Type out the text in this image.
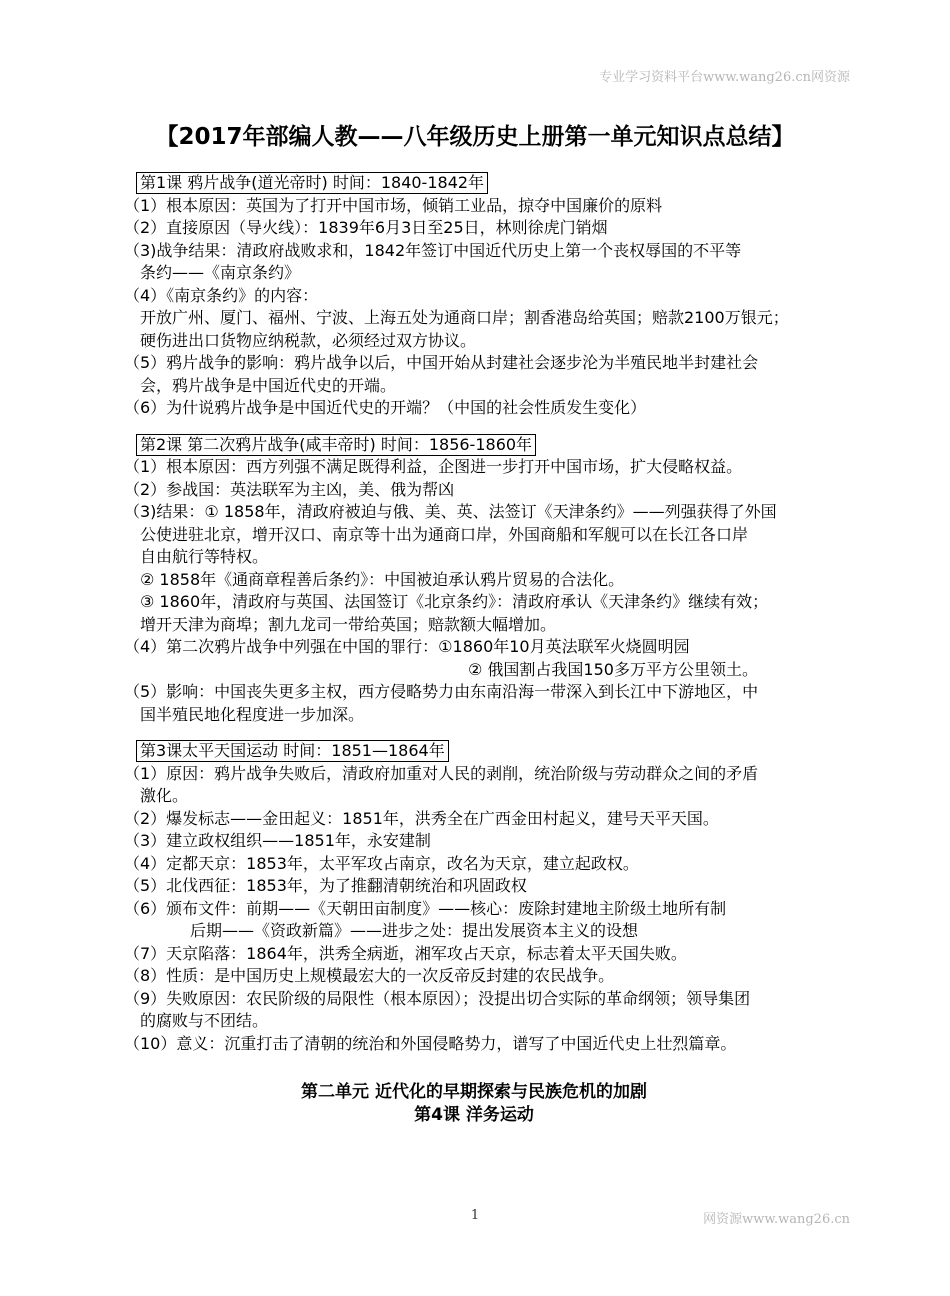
专业学习资料平台www.wang26.cn网资源
【2017年部编人教——八年级历史上册第一单元知识点总结】
第1课 鸦片战争(道光帝时) 时间：1840-1842年
（1）根本原因：英国为了打开中国市场，倾销工业品，掠夺中国廉价的原料
（2）直接原因（导火线）：1839年6月3日至25日，林则徐虎门销烟
（3)战争结果：清政府战败求和，1842年签订中国近代历史上第一个丧权辱国的不平等
条约——《南京条约》
（4）《南京条约》的内容：
开放广州、厦门、福州、宁波、上海五处为通商口岸；割香港岛给英国；赔款2100万银元；
硬伤进出口货物应纳税款，必须经过双方协议。
（5）鸦片战争的影响：鸦片战争以后，中国开始从封建社会逐步沦为半殖民地半封建社会
会，鸦片战争是中国近代史的开端。
（6）为什说鸦片战争是中国近代史的开端？（中国的社会性质发生变化）
第2课 第二次鸦片战争(咸丰帝时) 时间：1856-1860年
（1）根本原因：西方列强不满足既得利益，企图进一步打开中国市场，扩大侵略权益。
（2）参战国：英法联军为主凶，美、俄为帮凶
（3)结果：① 1858年，清政府被迫与俄、美、英、法签订《天津条约》——列强获得了外国
公使进驻北京，增开汉口、南京等十出为通商口岸，外国商船和军舰可以在长江各口岸
自由航行等特权。
② 1858年《通商章程善后条约》：中国被迫承认鸦片贸易的合法化。
③ 1860年，清政府与英国、法国签订《北京条约》：清政府承认《天津条约》继续有效；
增开天津为商埠；割九龙司一带给英国；赔款额大幅增加。
（4）第二次鸦片战争中列强在中国的罪行：①1860年10月英法联军火烧圆明园
② 俄国割占我国150多万平方公里领土。
（5）影响：中国丧失更多主权，西方侵略势力由东南沿海一带深入到长江中下游地区，中
国半殖民地化程度进一步加深。
第3课太平天国运动 时间：1851—1864年
（1）原因：鸦片战争失败后，清政府加重对人民的剥削，统治阶级与劳动群众之间的矛盾
激化。
（2）爆发标志——金田起义：1851年，洪秀全在广西金田村起义，建号天平天国。
（3）建立政权组织——1851年，永安建制
（4）定都天京：1853年，太平军攻占南京，改名为天京，建立起政权。
（5）北伐西征：1853年，为了推翻清朝统治和巩固政权
（6）颁布文件：前期——《天朝田亩制度》——核心：废除封建地主阶级土地所有制
后期——《资政新篇》——进步之处：提出发展资本主义的设想
（7）天京陷落：1864年，洪秀全病逝，湘军攻占天京，标志着太平天国失败。
（8）性质：是中国历史上规模最宏大的一次反帝反封建的农民战争。
（9）失败原因：农民阶级的局限性（根本原因）；没提出切合实际的革命纲领；领导集团
的腐败与不团结。
（10）意义：沉重打击了清朝的统治和外国侵略势力，谱写了中国近代史上壮烈篇章。
第二单元 近代化的早期探索与民族危机的加剧
第4课 洋务运动
1	网资源www.wang26.cn
